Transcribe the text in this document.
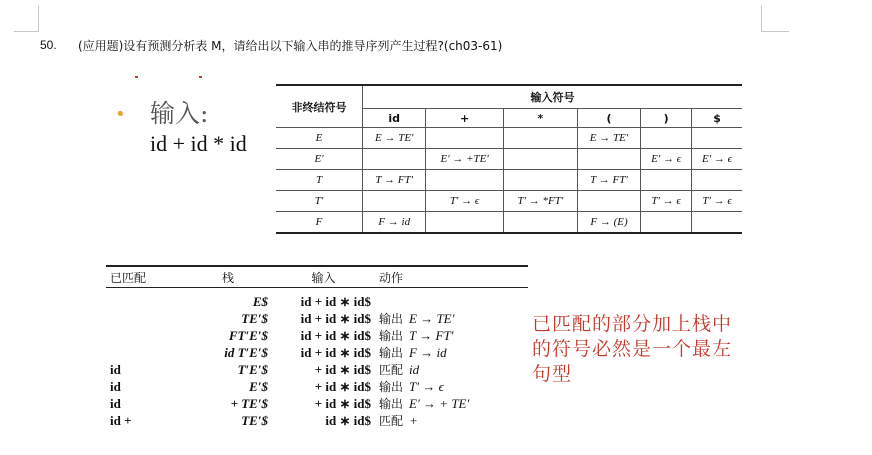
50. (应用题)设有预测分析表 M，请给出以下输入串的推导序列产生过程?(ch03-61)
• 输入:
id + id * id
非终结符号	输入符号					
	id	+	*	(	)	$
E	E → TE′			E → TE′		
E′		E′ → +TE′			E′ → ϵ	E′ → ϵ
T	T → FT′			T → FT′		
T′		T′ → ϵ	T′ → *FT′		T′ → ϵ	T′ → ϵ
F	F → id			F → (E)		
已匹配	栈	输入	动作
	E$	id + id ∗ id$	
	TE′$	id + id ∗ id$	输出 E → TE′
	FT′E′$	id + id ∗ id$	输出 T → FT′
	id T′E′$	id + id ∗ id$	输出 F → id
id	T′E′$	+ id ∗ id$	匹配 id
id	E′$	+ id ∗ id$	输出 T′ → ϵ
id	+ TE′$	+ id ∗ id$	输出 E′ → + TE′
id +	TE′$	id ∗ id$	匹配 +
已匹配的部分加上栈中的符号必然是一个最左句型
